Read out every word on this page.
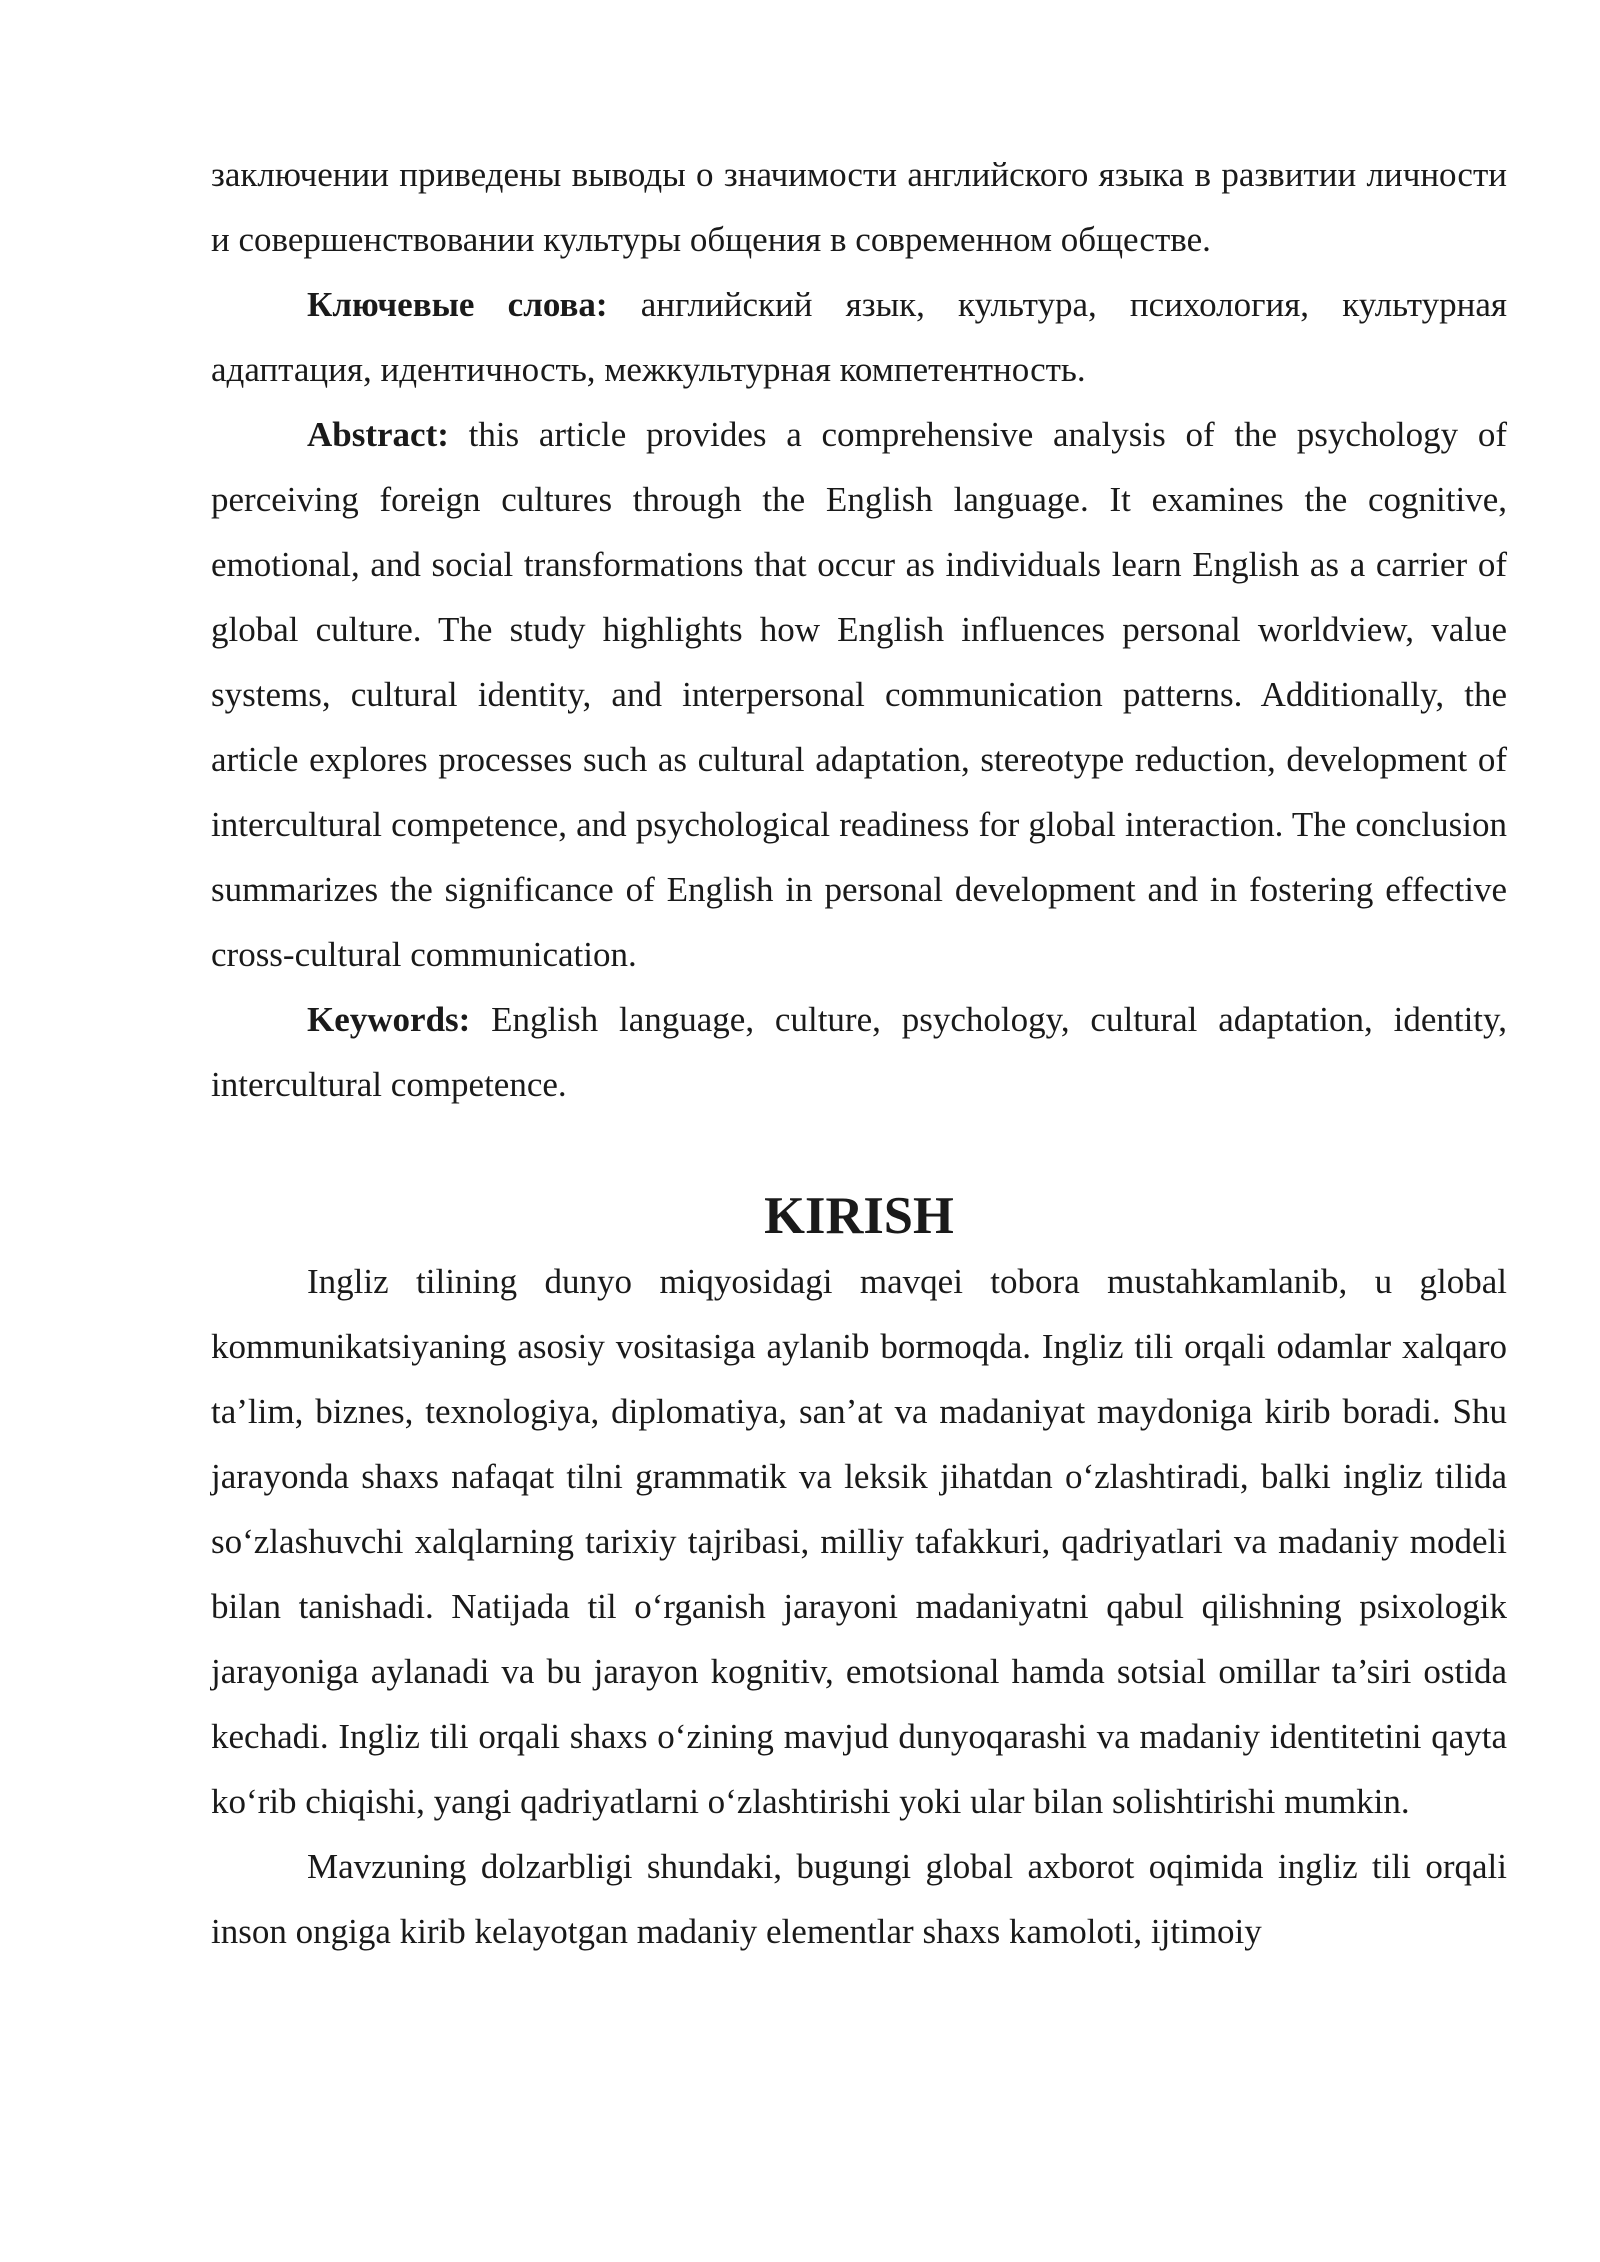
заключении приведены выводы о значимости английского языка в развитии личности и совершенствовании культуры общения в современном обществе.

Ключевые слова: английский язык, культура, психология, культурная адаптация, идентичность, межкультурная компетентность.

Abstract: this article provides a comprehensive analysis of the psychology of perceiving foreign cultures through the English language. It examines the cognitive, emotional, and social transformations that occur as individuals learn English as a carrier of global culture. The study highlights how English influences personal worldview, value systems, cultural identity, and interpersonal communication patterns. Additionally, the article explores processes such as cultural adaptation, stereotype reduction, development of intercultural competence, and psychological readiness for global interaction. The conclusion summarizes the significance of English in personal development and in fostering effective cross-cultural communication.

Keywords: English language, culture, psychology, cultural adaptation, identity, intercultural competence.

KIRISH

Ingliz tilining dunyo miqyosidagi mavqei tobora mustahkamlanib, u global kommunikatsiyaning asosiy vositasiga aylanib bormoqda. Ingliz tili orqali odamlar xalqaro ta’lim, biznes, texnologiya, diplomatiya, san’at va madaniyat maydoniga kirib boradi. Shu jarayonda shaxs nafaqat tilni grammatik va leksik jihatdan o‘zlashtiradi, balki ingliz tilida so‘zlashuvchi xalqlarning tarixiy tajribasi, milliy tafakkuri, qadriyatlari va madaniy modeli bilan tanishadi. Natijada til o‘rganish jarayoni madaniyatni qabul qilishning psixologik jarayoniga aylanadi va bu jarayon kognitiv, emotsional hamda sotsial omillar ta’siri ostida kechadi. Ingliz tili orqali shaxs o‘zining mavjud dunyoqarashi va madaniy identitetini qayta ko‘rib chiqishi, yangi qadriyatlarni o‘zlashtirishi yoki ular bilan solishtirishi mumkin.

Mavzuning dolzarbligi shundaki, bugungi global axborot oqimida ingliz tili orqali inson ongiga kirib kelayotgan madaniy elementlar shaxs kamoloti, ijtimoiy
